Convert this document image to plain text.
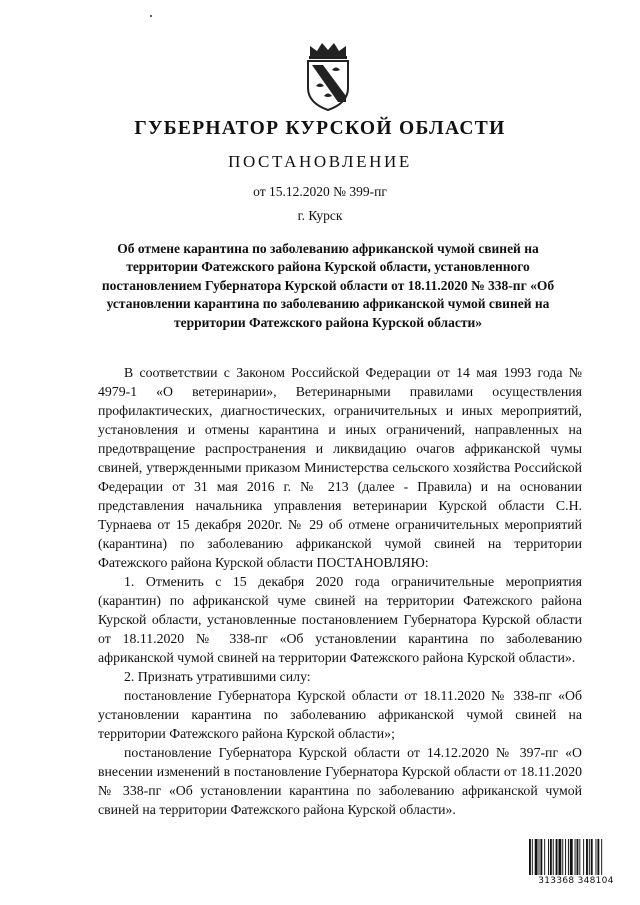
ГУБЕРНАТОР КУРСКОЙ ОБЛАСТИ
ПОСТАНОВЛЕНИЕ
от 15.12.2020 № 399-пг
г. Курск
Об отмене карантина по заболеванию африканской чумой свиней на территории Фатежского района Курской области, установленного постановлением Губернатора Курской области от 18.11.2020 № 338-пг «Об установлении карантина по заболеванию африканской чумой свиней на территории Фатежского района Курской области»

В соответствии с Законом Российской Федерации от 14 мая 1993 года № 4979-1 «О ветеринарии», Ветеринарными правилами осуществления профилактических, диагностических, ограничительных и иных мероприятий, установления и отмены карантина и иных ограничений, направленных на предотвращение распространения и ликвидацию очагов африканской чумы свиней, утвержденными приказом Министерства сельского хозяйства Российской Федерации от 31 мая 2016 г. № 213 (далее - Правила) и на основании представления начальника управления ветеринарии Курской области С.Н. Турнаева от 15 декабря 2020г. № 29 об отмене ограничительных мероприятий (карантина) по заболеванию африканской чумой свиней на территории Фатежского района Курской области ПОСТАНОВЛЯЮ:

1. Отменить с 15 декабря 2020 года ограничительные мероприятия (карантин) по африканской чуме свиней на территории Фатежского района Курской области, установленные постановлением Губернатора Курской области от 18.11.2020 № 338-пг «Об установлении карантина по заболеванию африканской чумой свиней на территории Фатежского района Курской области».

2. Признать утратившими силу:

постановление Губернатора Курской области от 18.11.2020 № 338-пг «Об установлении карантина по заболеванию африканской чумой свиней на территории Фатежского района Курской области»;

постановление Губернатора Курской области от 14.12.2020 № 397-пг «О внесении изменений в постановление Губернатора Курской области от 18.11.2020 № 338-пг «Об установлении карантина по заболеванию африканской чумой свиней на территории Фатежского района Курской области».

313368 348104
